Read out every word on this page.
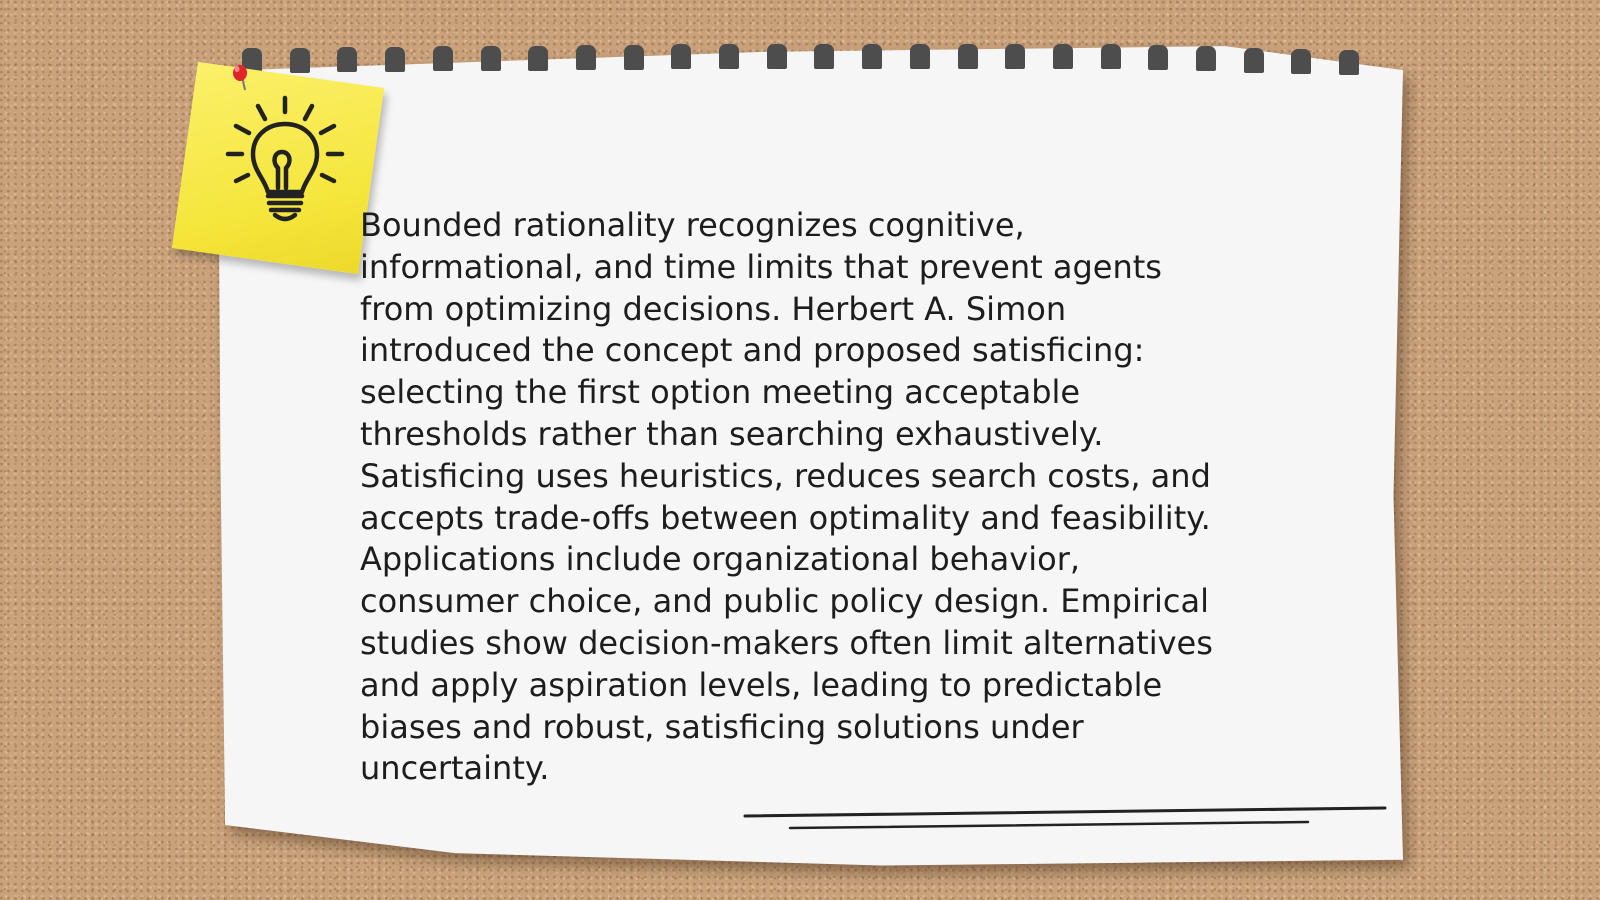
Bounded rationality recognizes cognitive, informational, and time limits that prevent agents from optimizing decisions. Herbert A. Simon introduced the concept and proposed satisficing: selecting the first option meeting acceptable thresholds rather than searching exhaustively. Satisficing uses heuristics, reduces search costs, and accepts trade-offs between optimality and feasibility. Applications include organizational behavior, consumer choice, and public policy design. Empirical studies show decision-makers often limit alternatives and apply aspiration levels, leading to predictable biases and robust, satisficing solutions under uncertainty.
